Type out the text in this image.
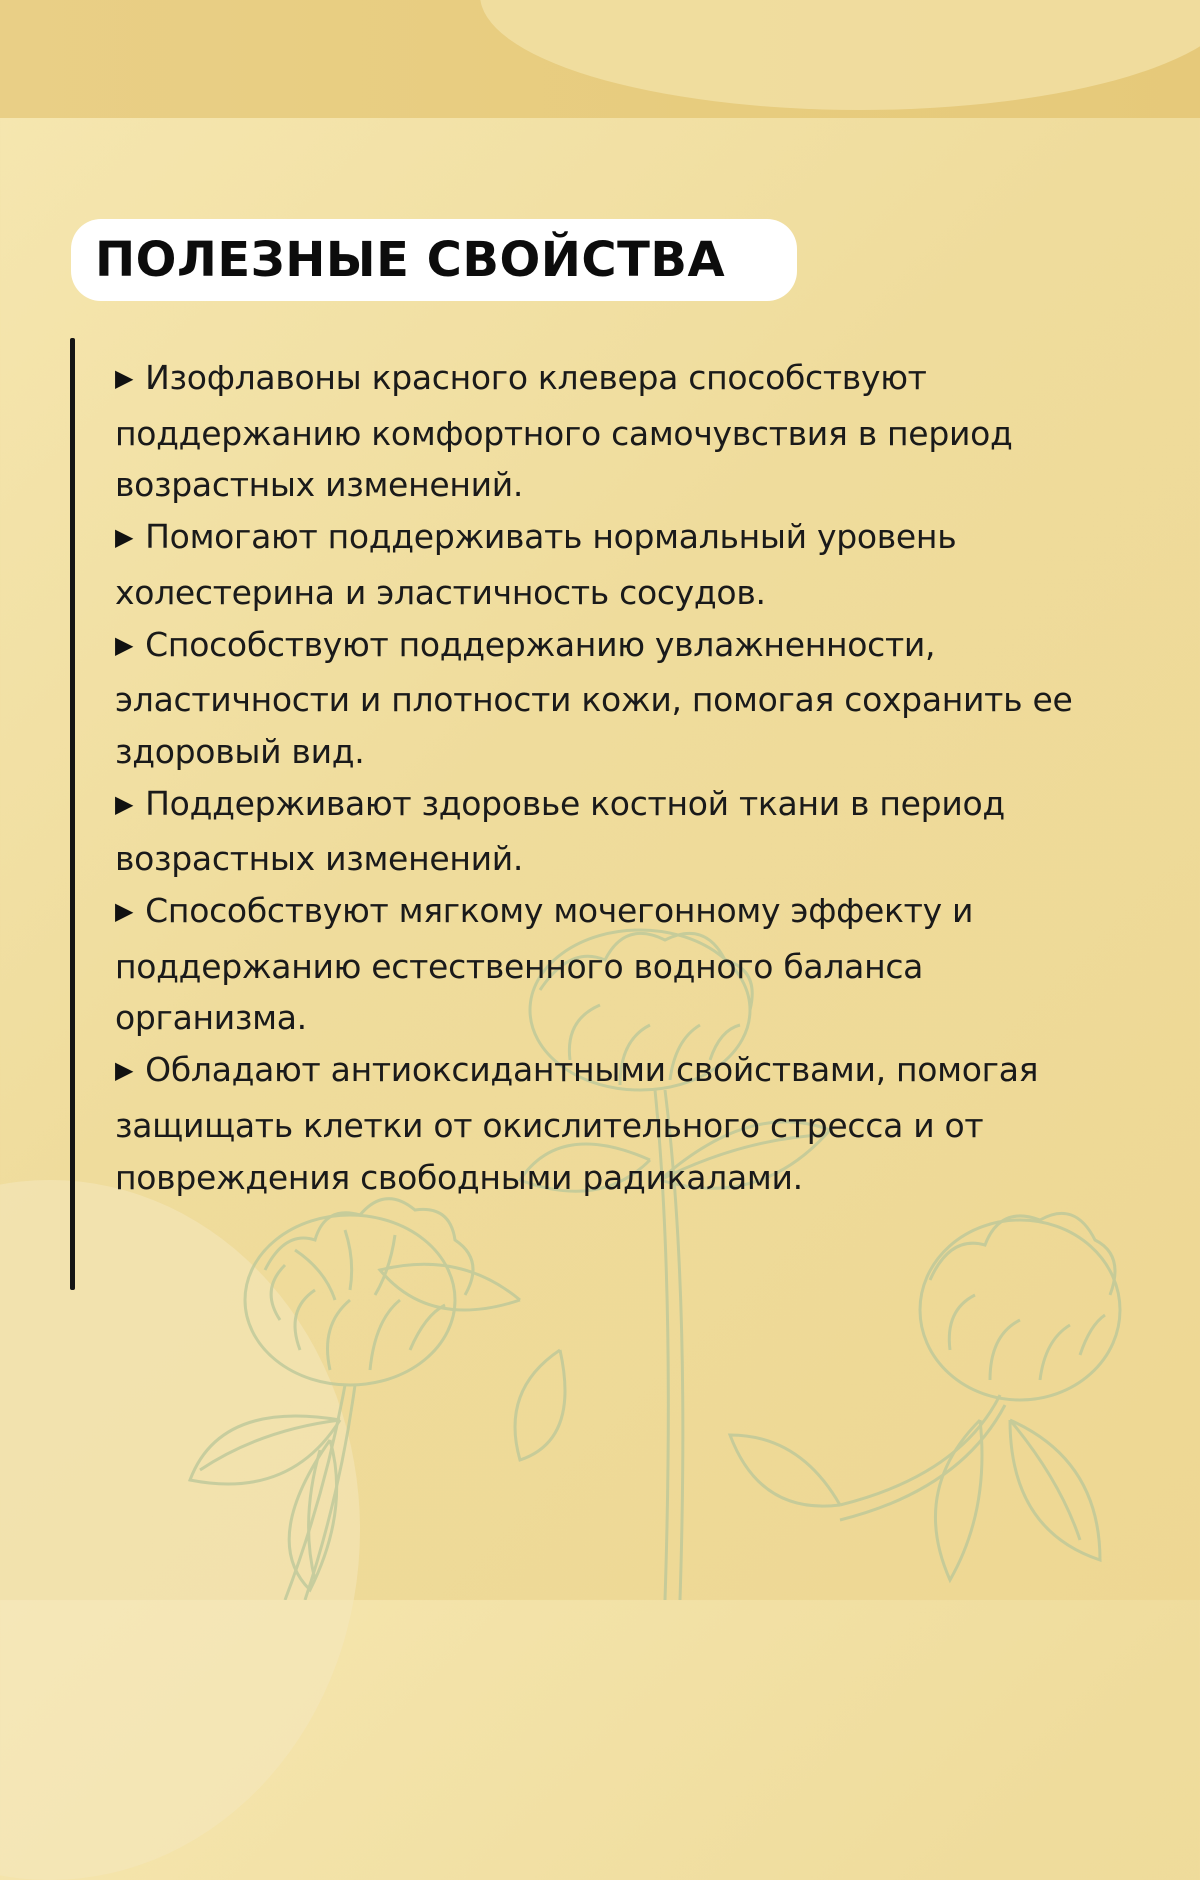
ПОЛЕЗНЫЕ СВОЙСТВА

▶ Изофлавоны красного клевера способствуют поддержанию комфортного самочувствия в период возрастных изменений.

▶ Помогают поддерживать нормальный уровень холестерина и эластичность сосудов.

▶ Способствуют поддержанию увлажненности, эластичности и плотности кожи, помогая сохранить ее здоровый вид.

▶ Поддерживают здоровье костной ткани в период возрастных изменений.

▶ Способствуют мягкому мочегонному эффекту и поддержанию естественного водного баланса организма.

▶ Обладают антиоксидантными свойствами, помогая защищать клетки от окислительного стресса и от повреждения свободными радикалами.
